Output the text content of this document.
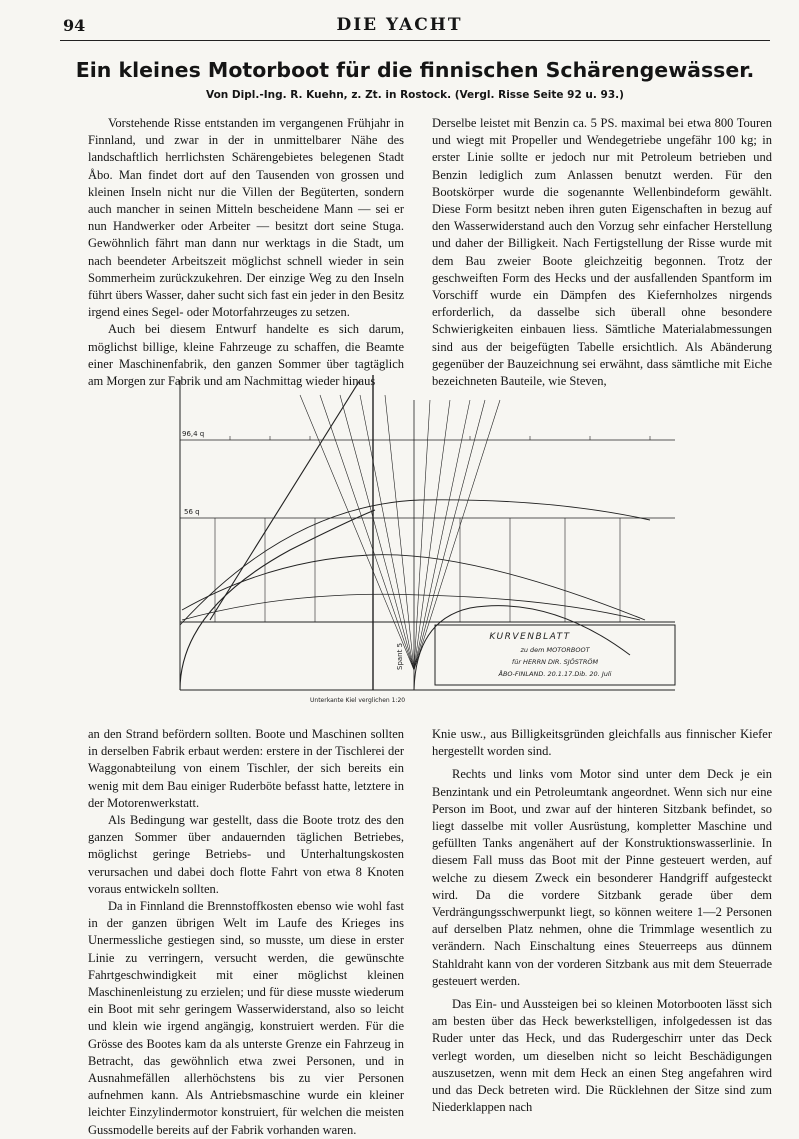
94	DIE YACHT
Ein kleines Motorboot für die finnischen Schärengewässer.
Von Dipl.-Ing. R. Kuehn, z. Zt. in Rostock. (Vergl. Risse Seite 92 u. 93.)

Vorstehende Risse entstanden im vergangenen Frühjahr in Finnland, und zwar in der in unmittelbarer Nähe des landschaftlich herrlichsten Schärengebietes belegenen Stadt Åbo. Man findet dort auf den Tausenden von grossen und kleinen Inseln nicht nur die Villen der Begüterten, sondern auch mancher in seinen Mitteln bescheidene Mann — sei er nun Handwerker oder Arbeiter — besitzt dort seine Stuga. Gewöhnlich fährt man dann nur werktags in die Stadt, um nach beendeter Arbeitszeit möglichst schnell wieder in sein Sommerheim zurückzukehren. Der einzige Weg zu den Inseln führt übers Wasser, daher sucht sich fast ein jeder in den Besitz irgend eines Segel- oder Motorfahrzeuges zu setzen.

Auch bei diesem Entwurf handelte es sich darum, möglichst billige, kleine Fahrzeuge zu schaffen, die Beamte einer Maschinenfabrik, den ganzen Sommer über tagtäglich am Morgen zur Fabrik und am Nachmittag wieder hinaus

Derselbe leistet mit Benzin ca. 5 PS. maximal bei etwa 800 Touren und wiegt mit Propeller und Wendegetriebe ungefähr 100 kg; in erster Linie sollte er jedoch nur mit Petroleum betrieben und Benzin lediglich zum Anlassen benutzt werden. Für den Bootskörper wurde die sogenannte Wellenbindeform gewählt. Diese Form besitzt neben ihren guten Eigenschaften in bezug auf den Wasserwiderstand auch den Vorzug sehr einfacher Herstellung und daher der Billigkeit. Nach Fertigstellung der Risse wurde mit dem Bau zweier Boote gleichzeitig begonnen. Trotz der geschweiften Form des Hecks und der ausfallenden Spantform im Vorschiff wurde ein Dämpfen des Kiefernholzes nirgends erforderlich, da dasselbe sich überall ohne besondere Schwierigkeiten einbauen liess. Sämtliche Materialabmessungen sind aus der beigefügten Tabelle ersichtlich. Als Abänderung gegenüber der Bauzeichnung sei erwähnt, dass sämtliche mit Eiche bezeichneten Bauteile, wie Steven,

96,4 q
56 q
Spant 5
KURVENBLATT
zu dem MOTORBOOT
für HERRN DIR. SJÖSTRÖM
ÅBO-FINLAND. 20.1.17.Dib. 20. Juli
Unterkante Kiel verglichen 1:20

an den Strand befördern sollten. Boote und Maschinen sollten in derselben Fabrik erbaut werden: erstere in der Tischlerei der Waggonabteilung von einem Tischler, der sich bereits ein wenig mit dem Bau einiger Ruderböte befasst hatte, letztere in der Motorenwerkstatt.

Als Bedingung war gestellt, dass die Boote trotz des den ganzen Sommer über andauernden täglichen Betriebes, möglichst geringe Betriebs- und Unterhaltungskosten verursachen und dabei doch flotte Fahrt von etwa 8 Knoten voraus entwickeln sollten.

Da in Finnland die Brennstoffkosten ebenso wie wohl fast in der ganzen übrigen Welt im Laufe des Krieges ins Unermessliche gestiegen sind, so musste, um diese in erster Linie zu verringern, versucht werden, die gewünschte Fahrtgeschwindigkeit mit einer möglichst kleinen Maschinenleistung zu erzielen; und für diese musste wiederum ein Boot mit sehr geringem Wasserwiderstand, also so leicht und klein wie irgend angängig, konstruiert werden. Für die Grösse des Bootes kam da als unterste Grenze ein Fahrzeug in Betracht, das gewöhnlich etwa zwei Personen, und in Ausnahmefällen allerhöchstens bis zu vier Personen aufnehmen kann. Als Antriebsmaschine wurde ein kleiner leichter Einzylindermotor konstruiert, für welchen die meisten Gussmodelle bereits auf der Fabrik vorhanden waren.

Knie usw., aus Billigkeitsgründen gleichfalls aus finnischer Kiefer hergestellt worden sind.

Rechts und links vom Motor sind unter dem Deck je ein Benzintank und ein Petroleumtank angeordnet. Wenn sich nur eine Person im Boot, und zwar auf der hinteren Sitzbank befindet, so liegt dasselbe mit voller Ausrüstung, kompletter Maschine und gefüllten Tanks angenähert auf der Konstruktionswasserlinie. In diesem Fall muss das Boot mit der Pinne gesteuert werden, auf welche zu diesem Zweck ein besonderer Handgriff aufgesteckt wird. Da die vordere Sitzbank gerade über dem Verdrängungsschwerpunkt liegt, so können weitere 1—2 Personen auf derselben Platz nehmen, ohne die Trimmlage wesentlich zu verändern. Nach Einschaltung eines Steuerreeps aus dünnem Stahldraht kann von der vorderen Sitzbank aus mit dem Steuerrade gesteuert werden.

Das Ein- und Aussteigen bei so kleinen Motorbooten lässt sich am besten über das Heck bewerkstelligen, infolgedessen ist das Ruder unter das Heck, und das Rudergeschirr unter das Deck verlegt worden, um dieselben nicht so leicht Beschädigungen auszusetzen, wenn mit dem Heck an einen Steg angefahren wird und das Deck betreten wird. Die Rücklehnen der Sitze sind zum Niederklappen nach
